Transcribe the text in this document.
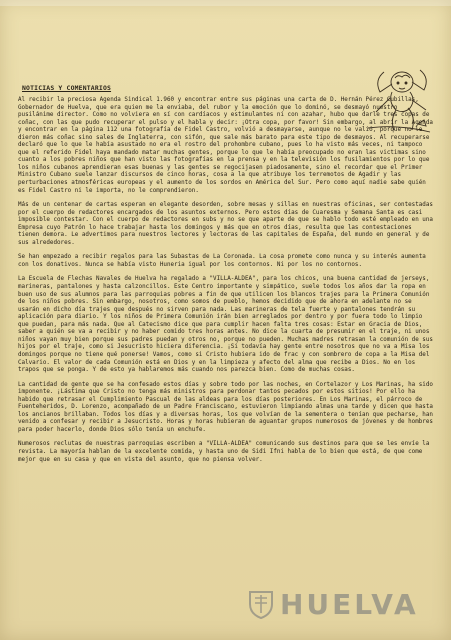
NOTICIAS Y COMENTARIOS

Al recibir la preciosa Agenda Sindical 1.960 y encontrar entre sus páginas una carta de D. Hernán Pérez Cubillas, Gobernador de Huelva, que era quien me la enviaba, del rubor y la emoción que lo dominó, se desmayó nuestro pusilánime director. Como no volviera en sí con cardíacos y estimulantes ni con azahar, hubo que darle tres copas de coñac, con las que pudo recuperar el pulso y el habla y decir: ¡Otra copa, por favor! Sin embargo, al abrir la Agenda y encontrar en la página 112 una fotografía de Fidel Castro, volvió a desmayarse, aunque no le valió, porque no le dieron más coñac sino sales de Inglaterra, con sifón, que sale más barato para este tipo de desmayos. Al recuperarse declaró que lo que le había asustado no era el rostro del prohombre cubano, pues lo ha visto más veces, ni tampoco que el referido Fidel haya mandado matar muchas gentes, porque lo que le había preocupado no eran las victimas sino cuanto a los pobres niños que han visto las fotografías en la prensa y en la televisión los fusilamientos por lo que los niños cubanos aprendieran esas buenas y las gentes se regocijasen piadosamente, sino el recordar que el Primer Ministro Cubano suele lanzar discursos de cinco horas, cosa a la que atribuye los terremotos de Agadir y las perturbaciones atmosféricas europeas y el aumento de los sordos en América del Sur. Pero como aquí nadie sabe quién es Fidel Castro ni le importa, no le comprendieron.

Más de un centenar de cartas esperan en elegante desorden, sobre mesas y sillas en nuestras oficinas, ser contestadas por el cuerpo de redactores encargados de los asuntos externos. Pero estos días de Cuaresma y Semana Santa es casi imposible contestar. Con el cuerpo de redactores en subs y no se que aparte de que se hablo todo esté empleado en una Empresa cuyo Patrón lo hace trabajar hasta los domingos y más que en otros días, resulta que las contestaciones tienen demora. Le advertimos para nuestros lectores y lectoras de las capitales de España, del mundo en general y de sus alrededores.

Se han empezado a recibir regalos para las Subastas de La Coronada. La cosa promete como nunca y su interés aumenta con los donativos. Nunca se había visto Huneria igual por los contornos. Ni por los no contornos.

La Escuela de Flechas Navales de Huelva ha regalado a "VILLA-ALDEA", para los chicos, una buena cantidad de jerseys, marineras, pantalones y hasta calzoncillos. Este Centro importante y simpático, suele todos los años dar la ropa en buen uso de sus alumnos para las parroquias pobres a fin de que utilicen los blancos trajes para la Primera Comunión de los niños pobres. Sin embargo, nosotros, como somos de pueblo, hemos decidido que de ahora en adelante no se usarán en dicho día trajes que después no sirven para nada. Las marineras de tela fuerte y pantalones tendrán su aplicación para diario. Y los niños de Primera Comunión irán bien arreglados por dentro y por fuera todo lo limpio que puedan, para más nada. Que al Catecismo dice que para cumplir hacen falta tres cosas: Estar en Gracia de Dios, saber a quién se va a recibir y no haber comido tres horas antes. No dice la cuarta de presumir en el traje, ni unos niños vayan muy bien porque sus padres puedan y otros no, porque no pueden. Muchas madres retrasan la comunión de sus hijos por el traje, como si Jesucristo hiciera diferencia. ¡Si todavía hay gente entre nosotros que no va a Misa los domingos porque no tiene qué ponerse! Vamos, como si Cristo hubiera ido de frac y con sombrero de copa a la Misa del Calvario. El valor de cada Comunión está en Dios y en la limpieza y afecto del alma que recibe a Dios. No en los trapos que se ponga. Y de esto ya hablaremos más cuando nos parezca bien. Como de muchas cosas.

La cantidad de gente que se ha confesado estos días y sobre todo por las noches, en Cortelazor y Los Marinas, ha sido imponente. ¡Lástima que Cristo no tenga más ministros para perdonar tantos pecados por estos sitios! Por ello ha habido que retrasar el Cumplimiento Pascual de las aldeas para los días posteriores. En Los Marinas, el párroco de Fuenteheridos, D. Lorenzo, acompañado de un Padre Franciscano, estuvieron limpiando almas una tarde y dicen que hasta los ancianos brillaban. Todos los días y a diversas horas, los que volvían de la sementera o tenían que pecharse, han venido a confesar y recibir a Jesucristo. Horas y horas hubieran de aguantar grupos numerosos de jóvenes y de hombres para poder hacerlo, donde Dios sólo tenía un enchufe.

Numerosos reclutas de nuestras parroquias escriben a "VILLA-ALDEA" comunicando sus destinos para que se les envíe la revista. La mayoría hablan de la excelente comida, y hasta uno de Sidi Ifni habla de lo bien que está, de que come mejor que en su casa y que en vista del asunto, que no piensa volver.

HUELVA
